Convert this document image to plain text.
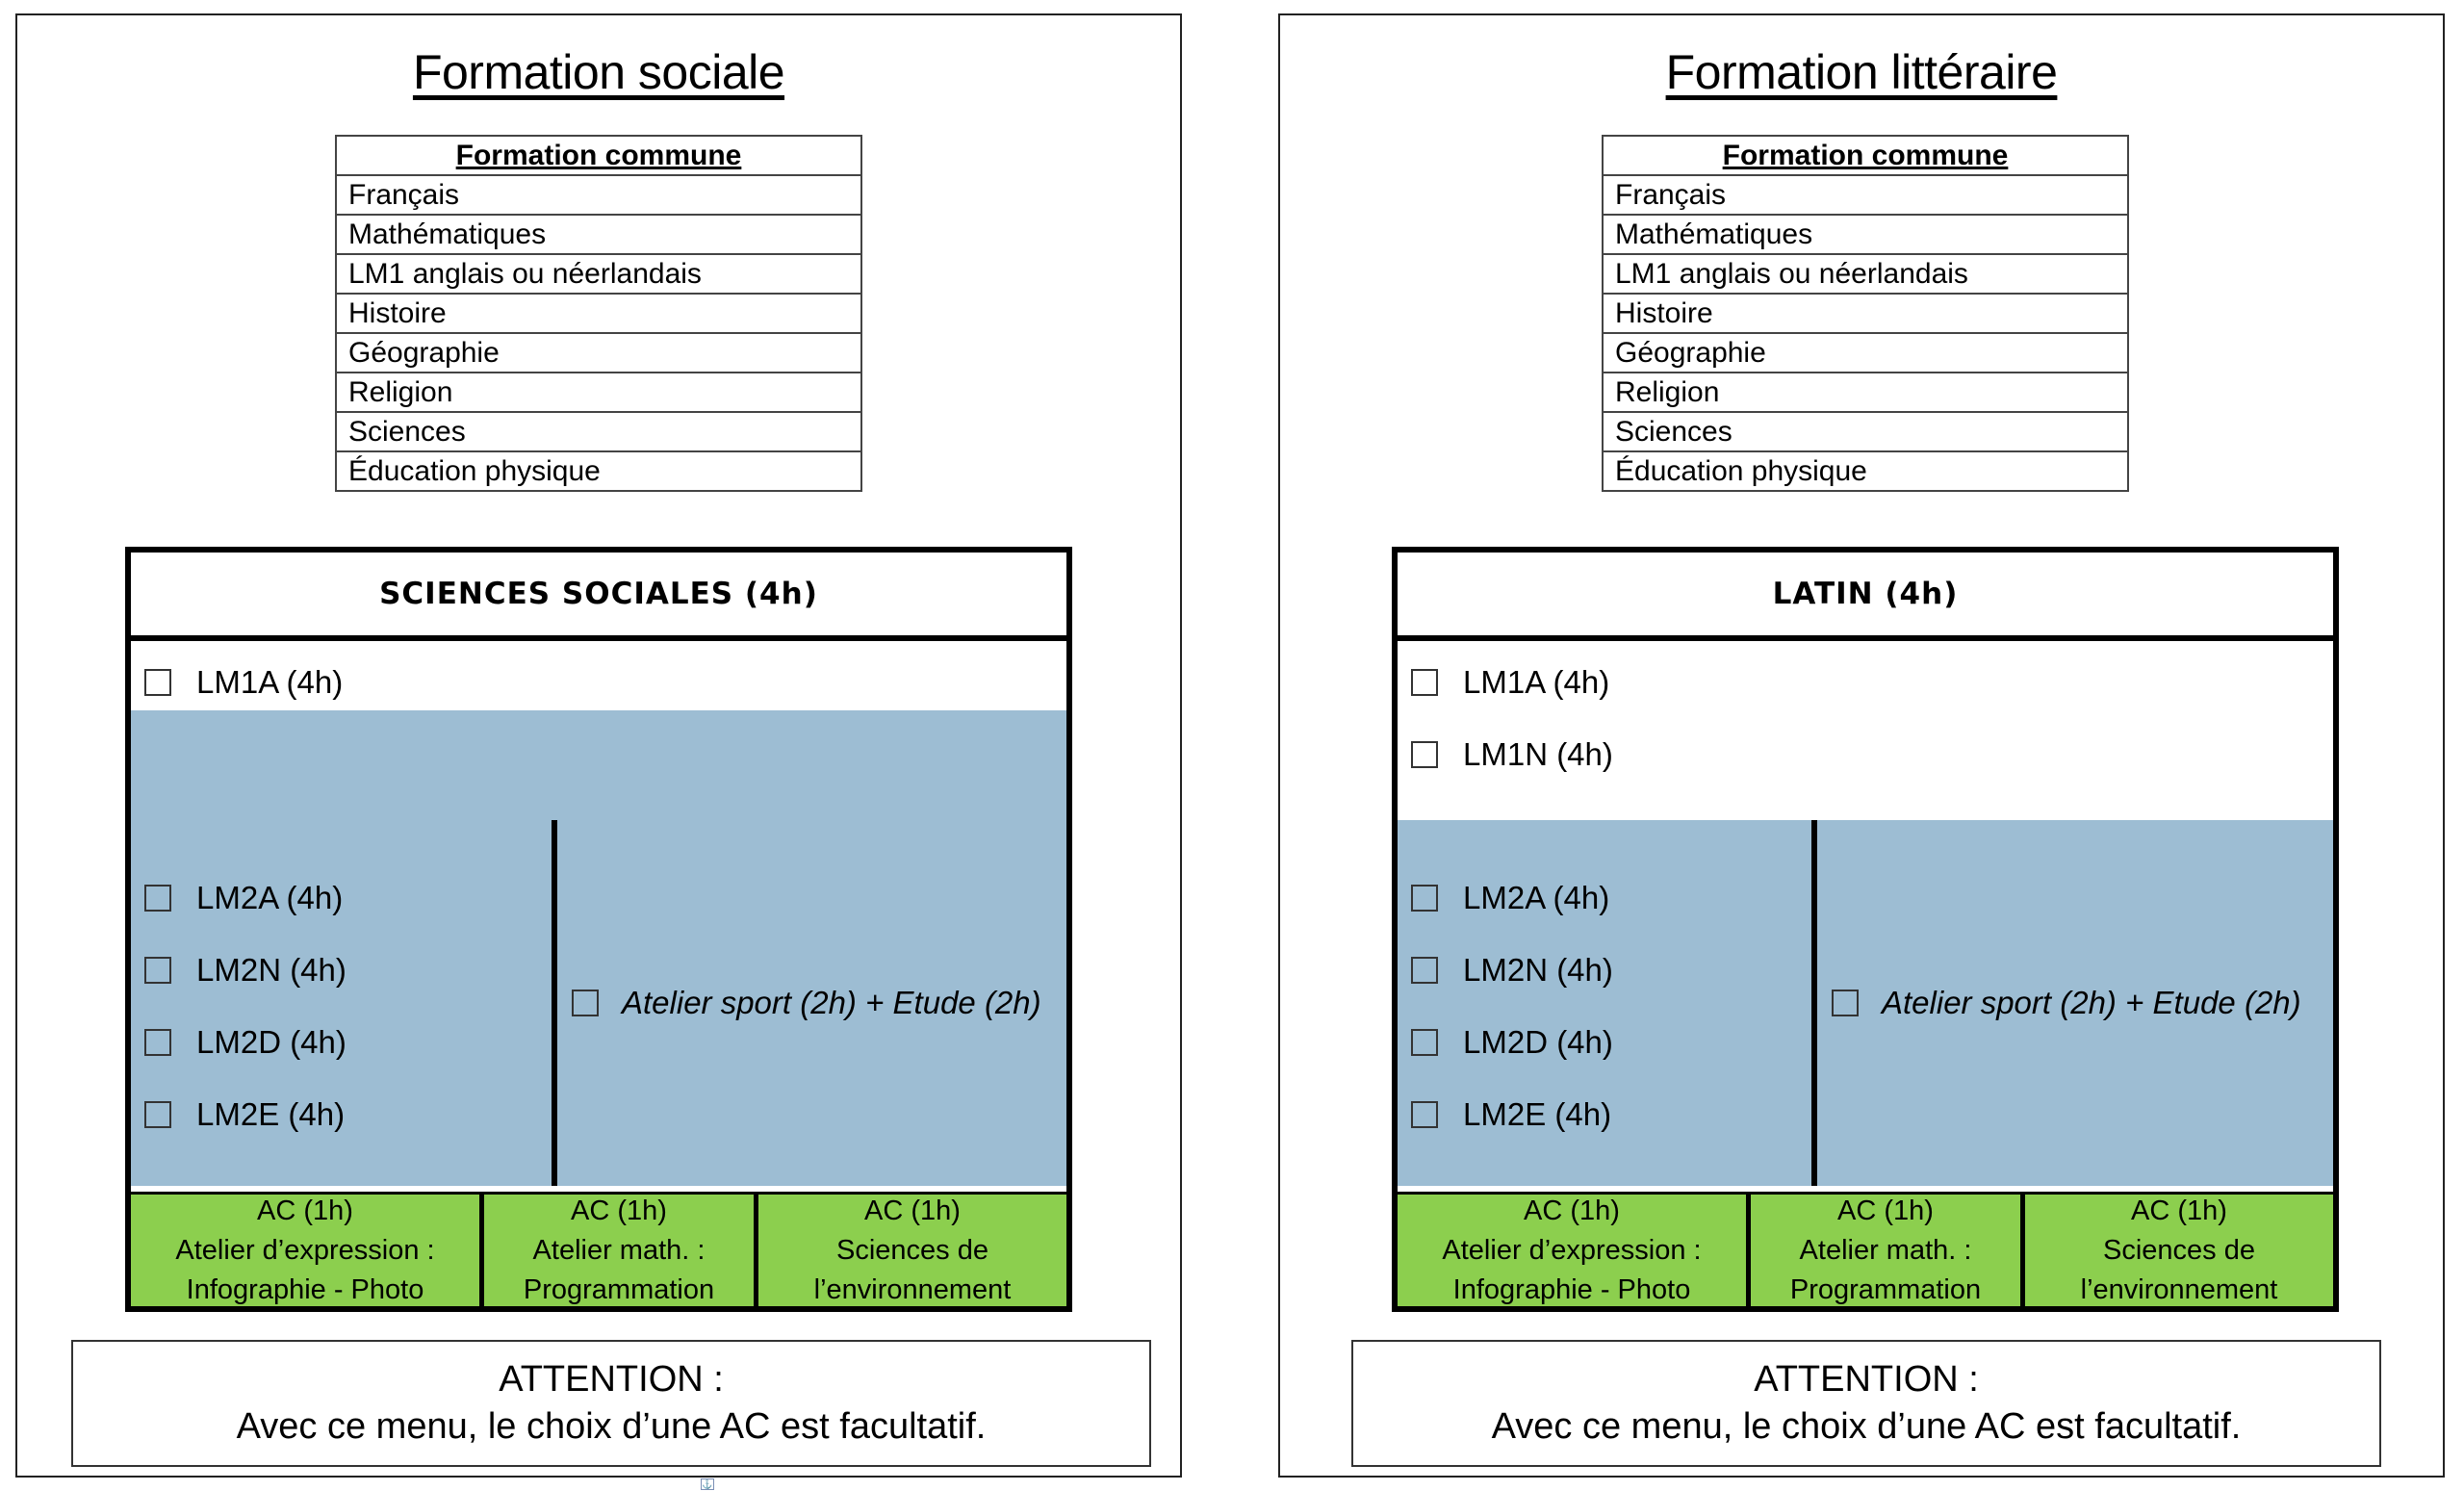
Formation sociale
Formation commune
Français
Mathématiques
LM1 anglais ou néerlandais
Histoire
Géographie
Religion
Sciences
Éducation physique
SCIENCES SOCIALES (4h)
LM1A (4h)
LM2A (4h)
LM2N (4h)
LM2D (4h)
LM2E (4h)
Atelier sport (2h) + Etude (2h)
AC (1h)
Atelier d’expression :
Infographie - Photo
AC (1h)
Atelier math. :
Programmation
AC (1h)
Sciences de
l’environnement
ATTENTION :
Avec ce menu, le choix d’une AC est facultatif.
Formation littéraire
Formation commune
Français
Mathématiques
LM1 anglais ou néerlandais
Histoire
Géographie
Religion
Sciences
Éducation physique
LATIN (4h)
LM1A (4h)
LM1N (4h)
LM2A (4h)
LM2N (4h)
LM2D (4h)
LM2E (4h)
Atelier sport (2h) + Etude (2h)
AC (1h)
Atelier d’expression :
Infographie - Photo
AC (1h)
Atelier math. :
Programmation
AC (1h)
Sciences de
l’environnement
ATTENTION :
Avec ce menu, le choix d’une AC est facultatif.
⚓
